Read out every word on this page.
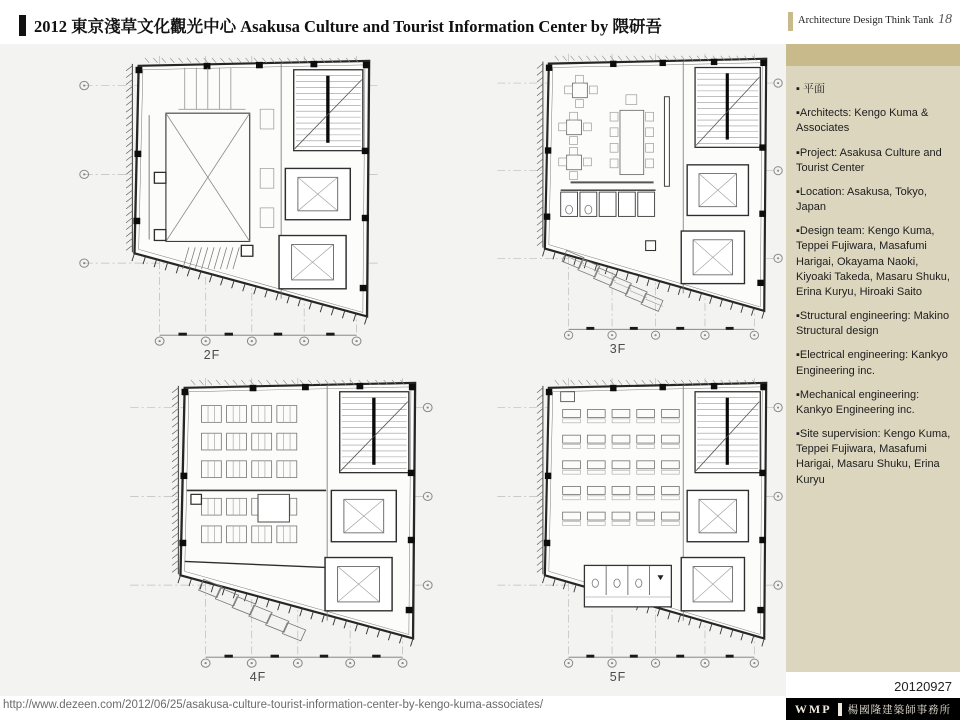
2012 東京淺草文化觀光中心 Asakusa Culture and Tourist Information Center by 隈研吾	Architecture Design Think Tank 18
2F	3F
4F	5F

▪ 平面

▪Architects: Kengo Kuma & Associates

▪Project: Asakusa Culture and Tourist Center

▪Location: Asakusa, Tokyo, Japan

▪Design team: Kengo Kuma, Teppei Fujiwara, Masafumi Harigai, Okayama Naoki, Kiyoaki Takeda, Masaru Shuku, Erina Kuryu, Hiroaki Saito

▪Structural engineering: Makino Structural design

▪Electrical engineering: Kankyo Engineering inc.

▪Mechanical engineering: Kankyo Engineering inc.

▪Site supervision: Kengo Kuma, Teppei Fujiwara, Masafumi Harigai, Masaru Shuku, Erina Kuryu

20120927
http://www.dezeen.com/2012/06/25/asakusa-culture-tourist-information-center-by-kengo-kuma-associates/	WMP 楊國隆建築師事務所
